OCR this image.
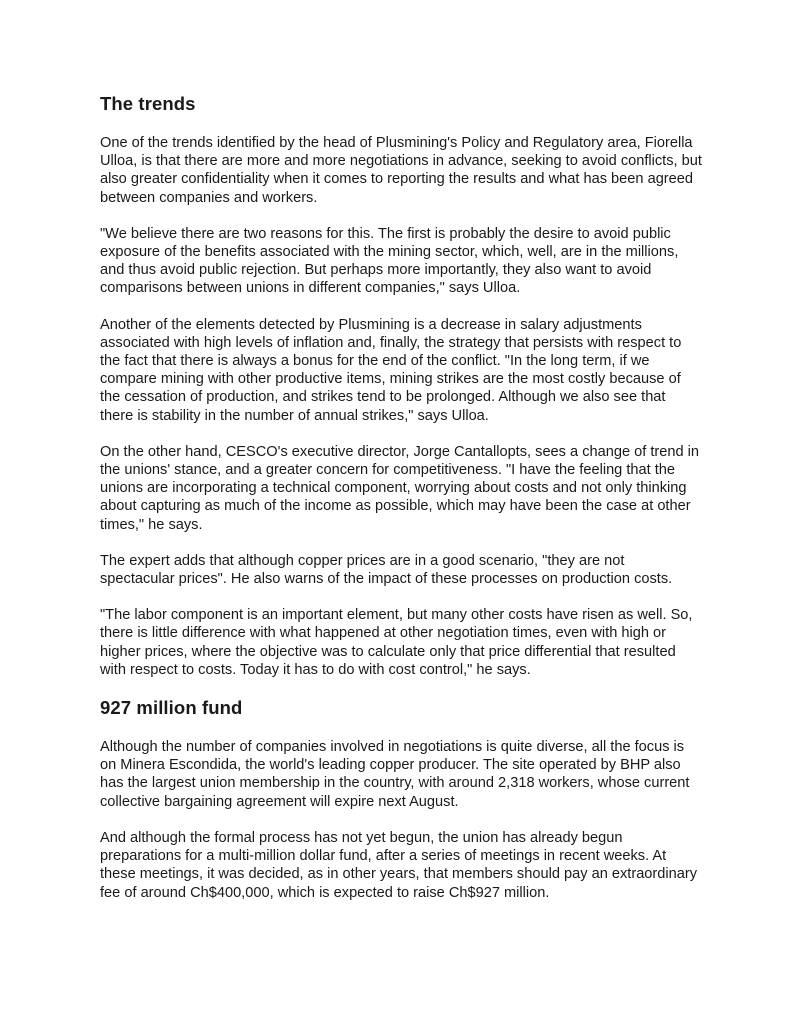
The trends

One of the trends identified by the head of Plusmining's Policy and Regulatory area, Fiorella Ulloa, is that there are more and more negotiations in advance, seeking to avoid conflicts, but also greater confidentiality when it comes to reporting the results and what has been agreed between companies and workers.

"We believe there are two reasons for this. The first is probably the desire to avoid public exposure of the benefits associated with the mining sector, which, well, are in the millions, and thus avoid public rejection. But perhaps more importantly, they also want to avoid comparisons between unions in different companies," says Ulloa.

Another of the elements detected by Plusmining is a decrease in salary adjustments associated with high levels of inflation and, finally, the strategy that persists with respect to the fact that there is always a bonus for the end of the conflict. "In the long term, if we compare mining with other productive items, mining strikes are the most costly because of the cessation of production, and strikes tend to be prolonged. Although we also see that there is stability in the number of annual strikes," says Ulloa.

On the other hand, CESCO's executive director, Jorge Cantallopts, sees a change of trend in the unions' stance, and a greater concern for competitiveness. "I have the feeling that the unions are incorporating a technical component, worrying about costs and not only thinking about capturing as much of the income as possible, which may have been the case at other times," he says.

The expert adds that although copper prices are in a good scenario, "they are not spectacular prices". He also warns of the impact of these processes on production costs.

"The labor component is an important element, but many other costs have risen as well. So, there is little difference with what happened at other negotiation times, even with high or higher prices, where the objective was to calculate only that price differential that resulted with respect to costs. Today it has to do with cost control," he says.

927 million fund

Although the number of companies involved in negotiations is quite diverse, all the focus is on Minera Escondida, the world's leading copper producer. The site operated by BHP also has the largest union membership in the country, with around 2,318 workers, whose current collective bargaining agreement will expire next August.

And although the formal process has not yet begun, the union has already begun preparations for a multi-million dollar fund, after a series of meetings in recent weeks. At these meetings, it was decided, as in other years, that members should pay an extraordinary fee of around Ch$400,000, which is expected to raise Ch$927 million.
